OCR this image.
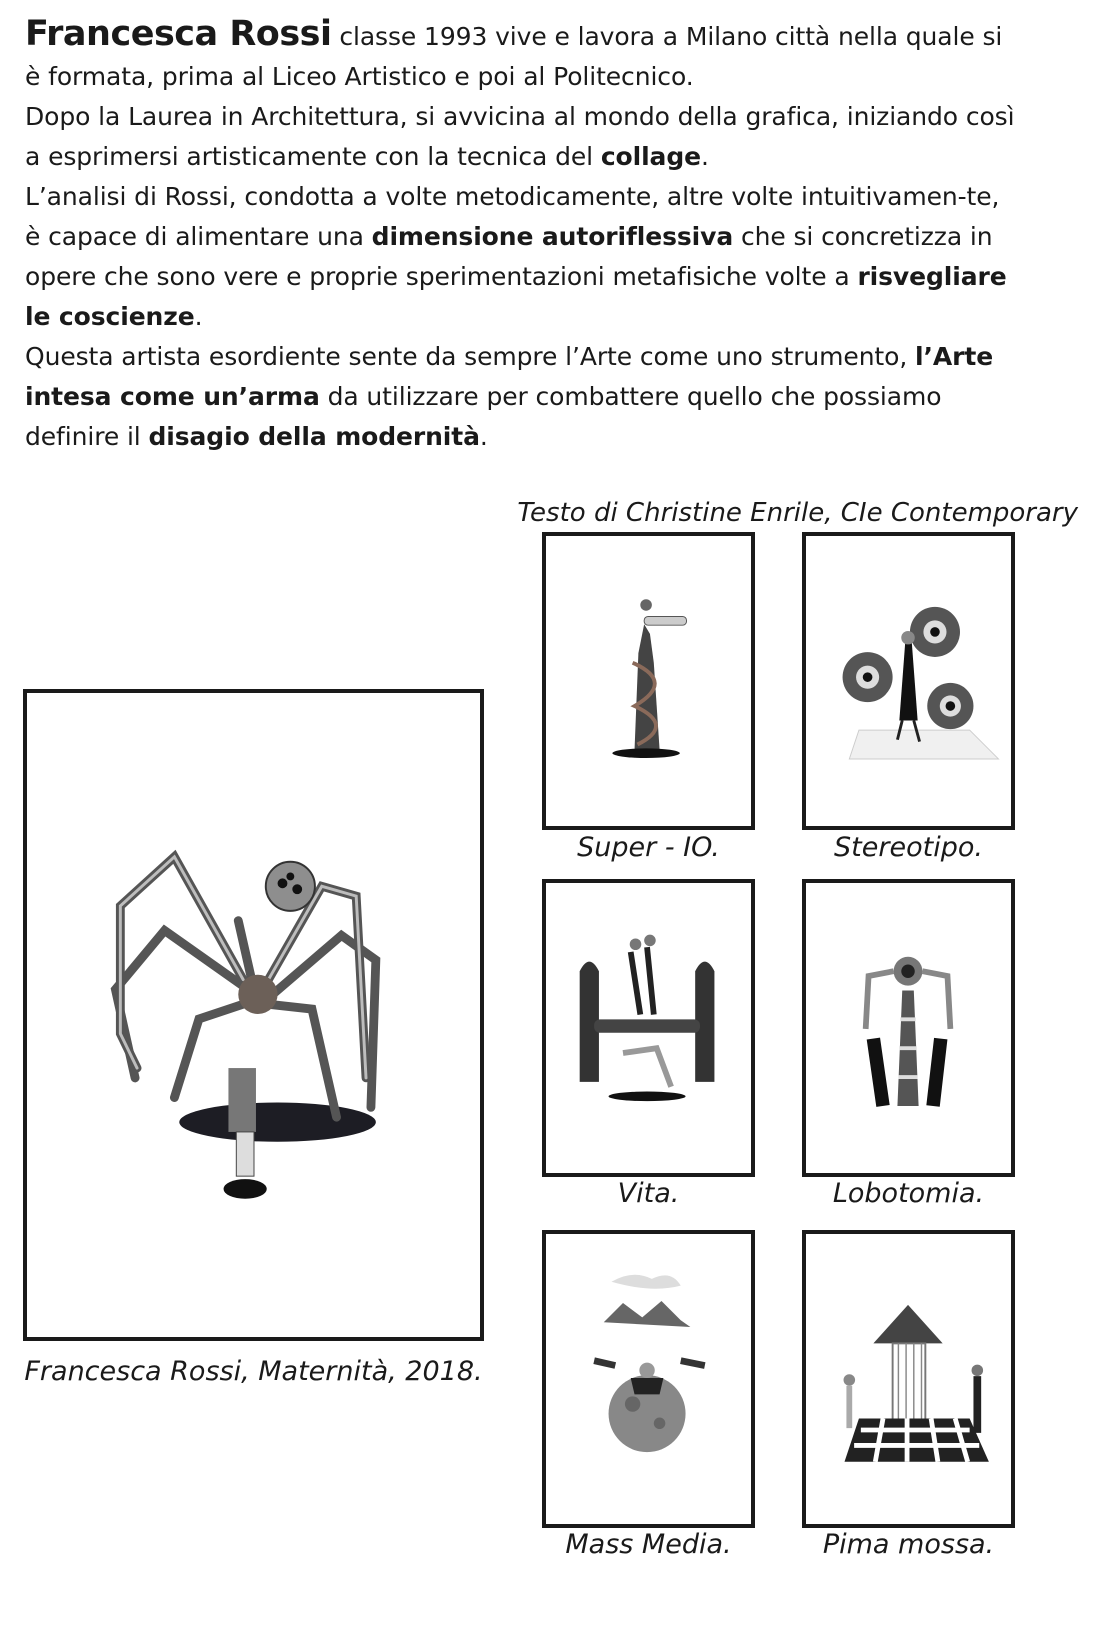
Francesca Rossi classe 1993 vive e lavora a Milano città nella quale si è formata, prima al Liceo Artistico e poi al Politecnico.

Dopo la Laurea in Architettura, si avvicina al mondo della grafica, iniziando così a esprimersi artisticamente con la tecnica del collage.

L’analisi di Rossi, condotta a volte metodicamente, altre volte intuitivamen-te, è capace di alimentare una dimensione autoriflessiva che si concretizza in opere che sono vere e proprie sperimentazioni metafisiche volte a risvegliare le coscienze.

Questa artista esordiente sente da sempre l’Arte come uno strumento, l’Arte intesa come un’arma da utilizzare per combattere quello che possiamo definire il disagio della modernità.

Testo di Christine Enrile, CIe Contemporary
Francesca Rossi, Maternità, 2018.
Super - IO.	Stereotipo.
Vita.	Lobotomia.
Mass Media.	Pima mossa.
